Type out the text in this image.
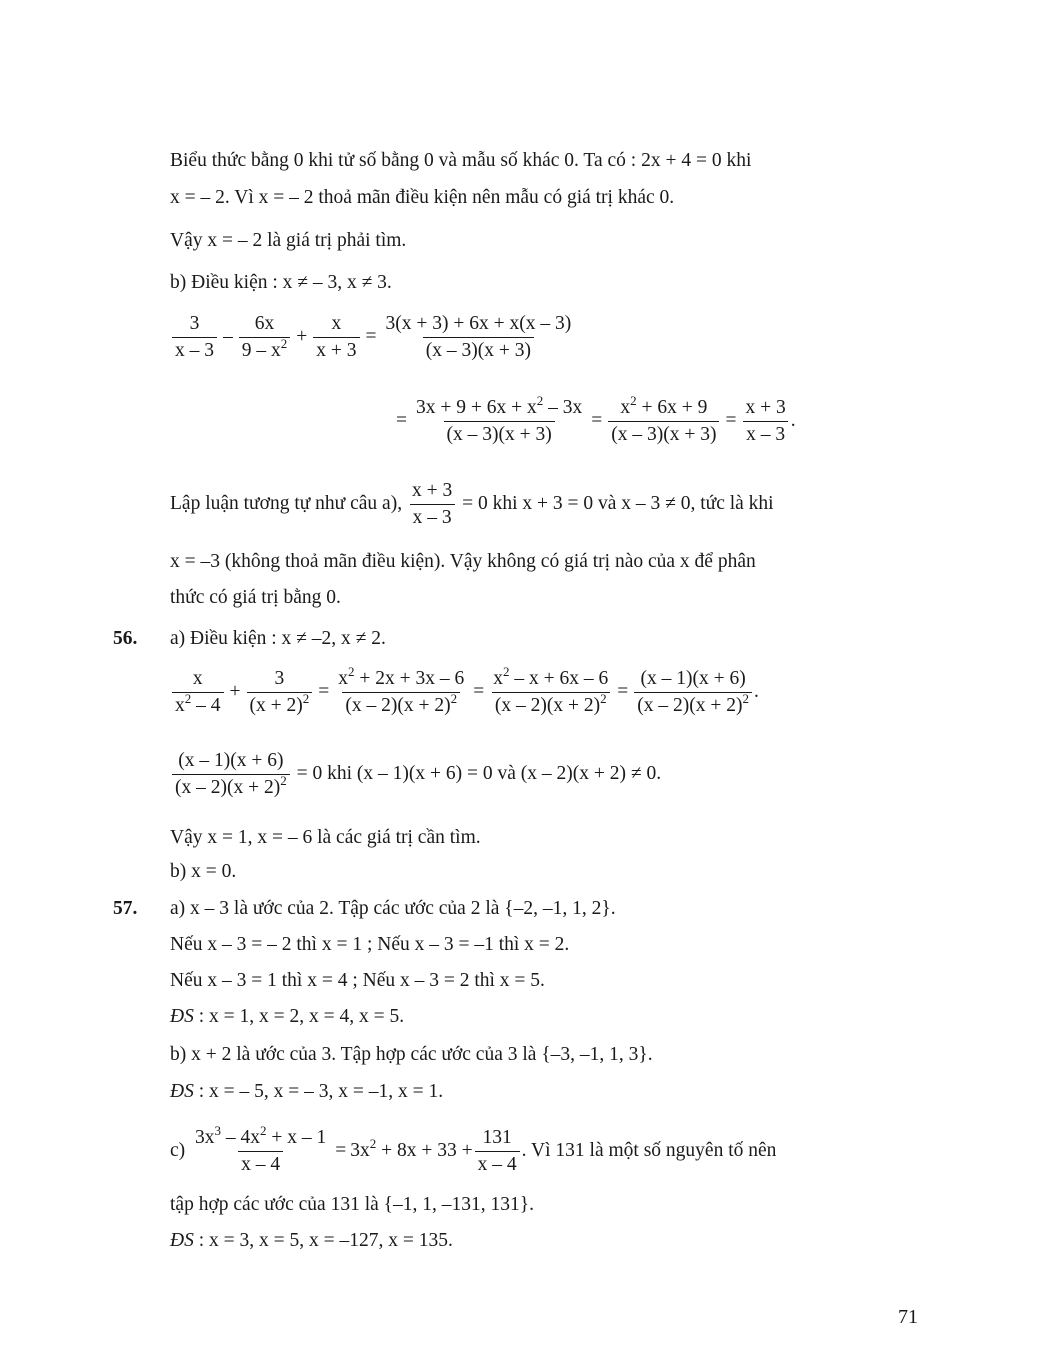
Biểu thức bằng 0 khi tử số bằng 0 và mẫu số khác 0. Ta có : 2x + 4 = 0 khi
x = – 2. Vì x = – 2 thoả mãn điều kiện nên mẫu có giá trị khác 0.
Vậy x = – 2 là giá trị phải tìm.
b) Điều kiện : x ≠ – 3, x ≠ 3.
$\frac{3}{x - 3} - \frac{6x}{9 - x^2} + \frac{x}{x + 3} = \frac{3(x + 3) + 6x + x(x - 3)}{(x - 3)(x + 3)}$
= $\frac{3x + 9 + 6x + x^2 - 3x}{(x - 3)(x + 3)} = \frac{x^2 + 6x + 9}{(x - 3)(x + 3)} = \frac{x + 3}{x - 3}$ .
Lập luận tương tự như câu a), $\frac{x + 3}{x - 3} = 0$ khi x + 3 = 0 và x – 3 ≠ 0, tức là khi
x = –3 (không thoả mãn điều kiện). Vậy không có giá trị nào của x để phân
thức có giá trị bằng 0.
56. a) Điều kiện : x ≠ –2, x ≠ 2.
$\frac{x}{x^2 - 4} + \frac{3}{(x + 2)^2} = \frac{x^2 + 2x + 3x - 6}{(x - 2)(x + 2)^2} = \frac{x^2 - x + 6x - 6}{(x - 2)(x + 2)^2} = \frac{(x - 1)(x + 6)}{(x - 2)(x + 2)^2}$ .
$\frac{(x - 1)(x + 6)}{(x - 2)(x + 2)^2} = 0$ khi (x – 1)(x + 6) = 0 và (x – 2)(x + 2) ≠ 0.
Vậy x = 1, x = – 6 là các giá trị cần tìm.
b) x = 0.
57. a) x – 3 là ước của 2. Tập các ước của 2 là {–2, –1, 1, 2}.
Nếu x – 3 = – 2 thì x = 1 ; Nếu x – 3 = –1 thì x = 2.
Nếu x – 3 = 1 thì x = 4 ; Nếu x – 3 = 2 thì x = 5.
ĐS : x = 1, x = 2, x = 4, x = 5.
b) x + 2 là ước của 3. Tập hợp các ước của 3 là {–3, –1, 1, 3}.
ĐS : x = – 5, x = – 3, x = –1, x = 1.
$c) \frac{3x^3 - 4x^2 + x - 1}{x - 4} = 3x^2 + 8x + 33 + \frac{131}{x - 4}$ . Vì 131 là một số nguyên tố nên
tập hợp các ước của 131 là {–1, 1, –131, 131}.
ĐS : x = 3, x = 5, x = –127, x = 135.
71
